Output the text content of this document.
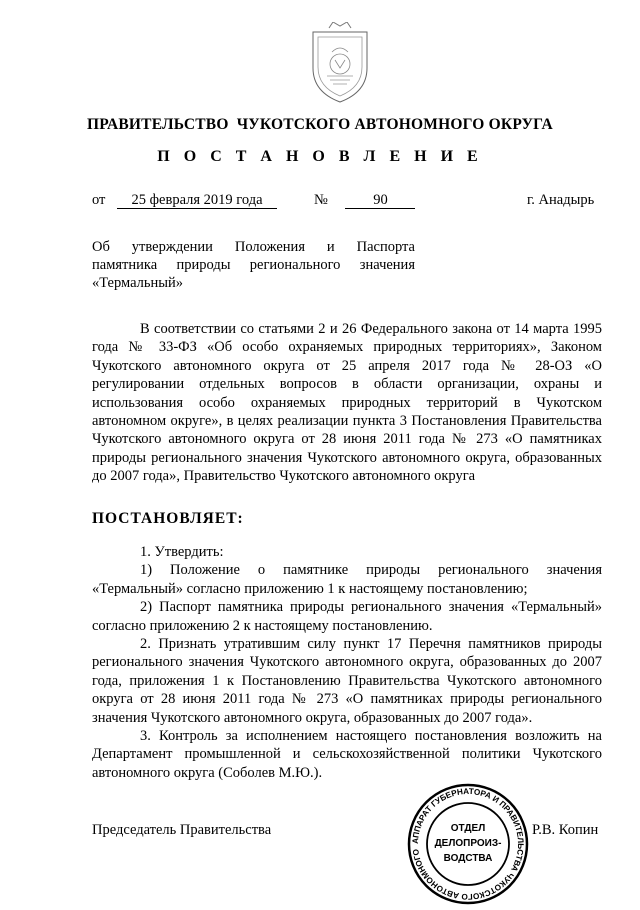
ПРАВИТЕЛЬСТВО  ЧУКОТСКОГО АВТОНОМНОГО ОКРУГА
П О С Т А Н О В Л Е Н И Е
от 25 февраля 2019 года	№	90	г. Анадырь
Об утверждении Положения и Паспорта
памятника природы регионального значения
«Термальный»
В соответствии со статьями 2 и 26 Федерального закона от 14 марта 1995 года № 33-ФЗ «Об особо охраняемых природных территориях», Законом Чукотского автономного округа от 25 апреля 2017 года № 28-ОЗ «О регулировании отдельных вопросов в области организации, охраны и использования особо охраняемых природных территорий в Чукотском автономном округе», в целях реализации пункта 3 Постановления Правительства Чукотского автономного округа от 28 июня 2011 года № 273 «О памятниках природы регионального значения Чукотского автономного округа, образованных до 2007 года», Правительство Чукотского автономного округа
ПОСТАНОВЛЯЕТ:
1. Утвердить:
1) Положение о памятнике природы регионального значения «Термальный» согласно приложению 1 к настоящему постановлению;
2) Паспорт памятника природы регионального значения «Термальный» согласно приложению 2 к настоящему постановлению.
2. Признать утратившим силу пункт 17 Перечня памятников природы регионального значения Чукотского автономного округа, образованных до 2007 года, приложения 1 к Постановлению Правительства Чукотского автономного округа от 28 июня 2011 года № 273 «О памятниках природы регионального значения Чукотского автономного округа, образованных до 2007 года».
3. Контроль за исполнением настоящего постановления возложить на Департамент промышленной и сельскохозяйственной политики Чукотского автономного округа (Соболев М.Ю.).
Председатель Правительства	Р.В. Копин
АППАРАТ ГУБЕРНАТОРА И ПРАВИТЕЛЬСТВА ЧУКОТСКОГО АВТОНОМНОГО
ОТДЕЛ
ДЕЛОПРОИЗ-
ВОДСТВА
